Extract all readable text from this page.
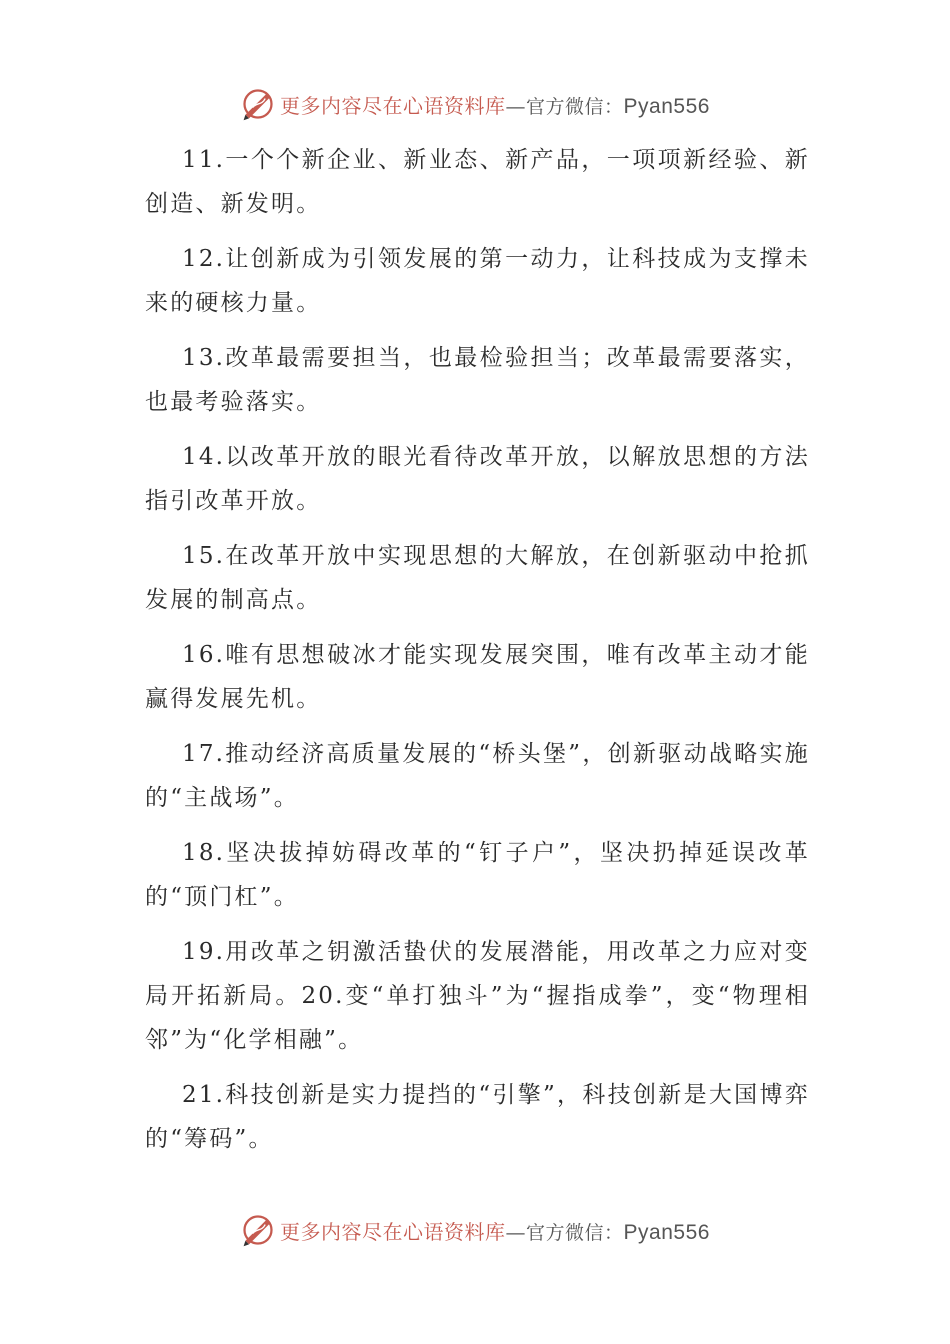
更多内容尽在心语资料库—官方微信：Pyan556

11.一个个新企业、新业态、新产品，一项项新经验、新创造、新发明。

12.让创新成为引领发展的第一动力，让科技成为支撑未来的硬核力量。

13.改革最需要担当，也最检验担当；改革最需要落实，也最考验落实。

14.以改革开放的眼光看待改革开放，以解放思想的方法指引改革开放。

15.在改革开放中实现思想的大解放，在创新驱动中抢抓发展的制高点。

16.唯有思想破冰才能实现发展突围，唯有改革主动才能赢得发展先机。

17.推动经济高质量发展的“桥头堡”，创新驱动战略实施的“主战场”。

18.坚决拔掉妨碍改革的“钉子户”，坚决扔掉延误改革的“顶门杠”。

19.用改革之钥激活蛰伏的发展潜能，用改革之力应对变局开拓新局。20.变“单打独斗”为“握指成拳”，变“物理相邻”为“化学相融”。

21.科技创新是实力提挡的“引擎”，科技创新是大国博弈的“筹码”。

更多内容尽在心语资料库—官方微信：Pyan556
